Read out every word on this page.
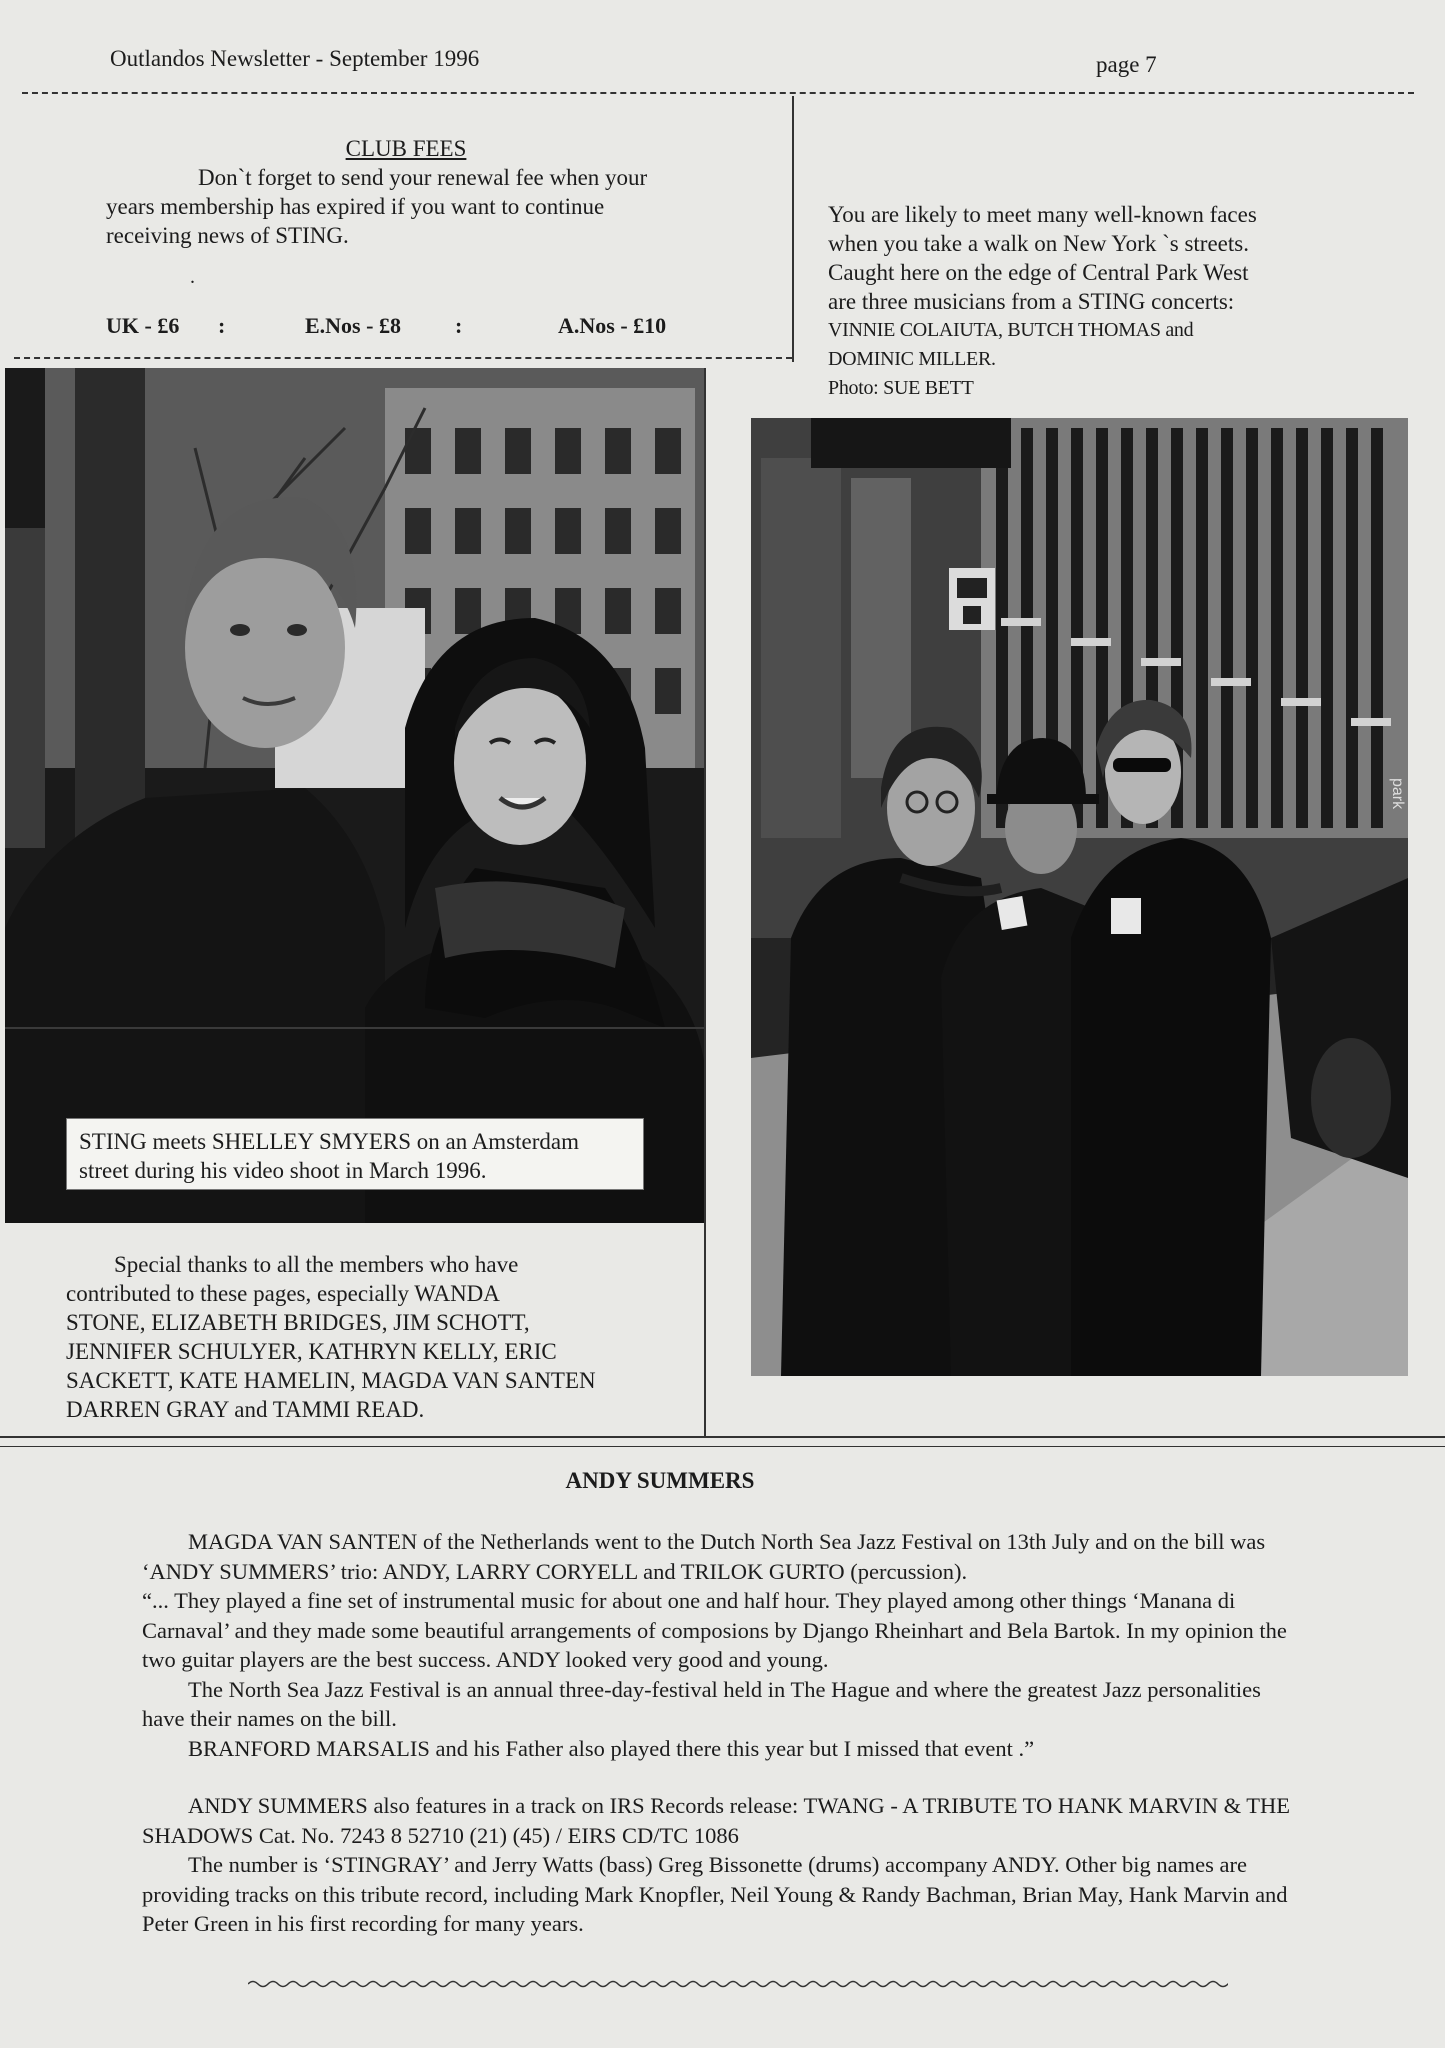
Outlandos Newsletter - September 1996	page 7
CLUB FEES
Don`t forget to send your renewal fee when your
years membership has expired if you want to continue
receiving news of STING.
.
UK - £6 :	E.Nos - £8 :	A.Nos - £10
You are likely to meet many well-known faces
when you take a walk on New York `s streets.
Caught here on the edge of Central Park West
are three musicians from a STING concerts:
VINNIE COLAIUTA, BUTCH THOMAS and
DOMINIC MILLER.
Photo: SUE BETT
STING meets SHELLEY SMYERS on an Amsterdam
street during his video shoot in March 1996.
park
Special thanks to all the members who have
contributed to these pages, especially WANDA
STONE, ELIZABETH BRIDGES, JIM SCHOTT,
JENNIFER SCHULYER, KATHRYN KELLY, ERIC
SACKETT, KATE HAMELIN, MAGDA VAN SANTEN
DARREN GRAY and TAMMI READ.
ANDY SUMMERS

MAGDA VAN SANTEN of the Netherlands went to the Dutch North Sea Jazz Festival on 13th July and on the bill was ‘ANDY SUMMERS’ trio: ANDY, LARRY CORYELL and TRILOK GURTO (percussion).

“... They played a fine set of instrumental music for about one and half hour. They played among other things ‘Manana di Carnaval’ and they made some beautiful arrangements of composions by Django Rheinhart and Bela Bartok. In my opinion the two guitar players are the best success. ANDY looked very good and young.

The North Sea Jazz Festival is an annual three-day-festival held in The Hague and where the greatest Jazz personalities have their names on the bill.

BRANFORD MARSALIS and his Father also played there this year but I missed that event .”

ANDY SUMMERS also features in a track on IRS Records release: TWANG - A TRIBUTE TO HANK MARVIN & THE SHADOWS Cat. No. 7243 8 52710 (21) (45) / EIRS CD/TC 1086

The number is ‘STINGRAY’ and Jerry Watts (bass) Greg Bissonette (drums) accompany ANDY. Other big names are providing tracks on this tribute record, including Mark Knopfler, Neil Young & Randy Bachman, Brian May, Hank Marvin and Peter Green in his first recording for many years.
